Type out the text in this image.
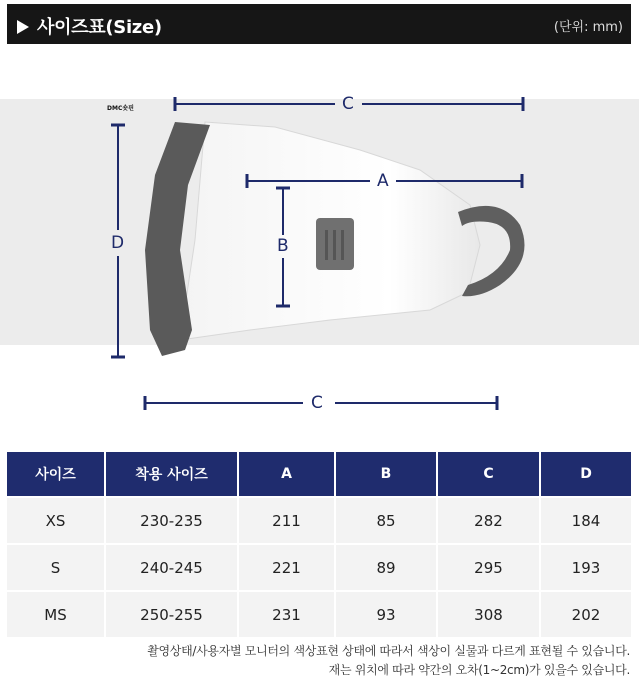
사이즈표(Size)	(단위: mm)
DMC숏핀	C
A
B
D
C
사이즈	착용 사이즈	A	B	C	D
XS	230-235	211	85	282	184
S	240-245	221	89	295	193
MS	250-255	231	93	308	202
촬영상태/사용자별 모니터의 색상표현 상태에 따라서 색상이 실물과 다르게 표현될 수 있습니다.
재는 위치에 따라 약간의 오차(1~2cm)가 있을수 있습니다.
